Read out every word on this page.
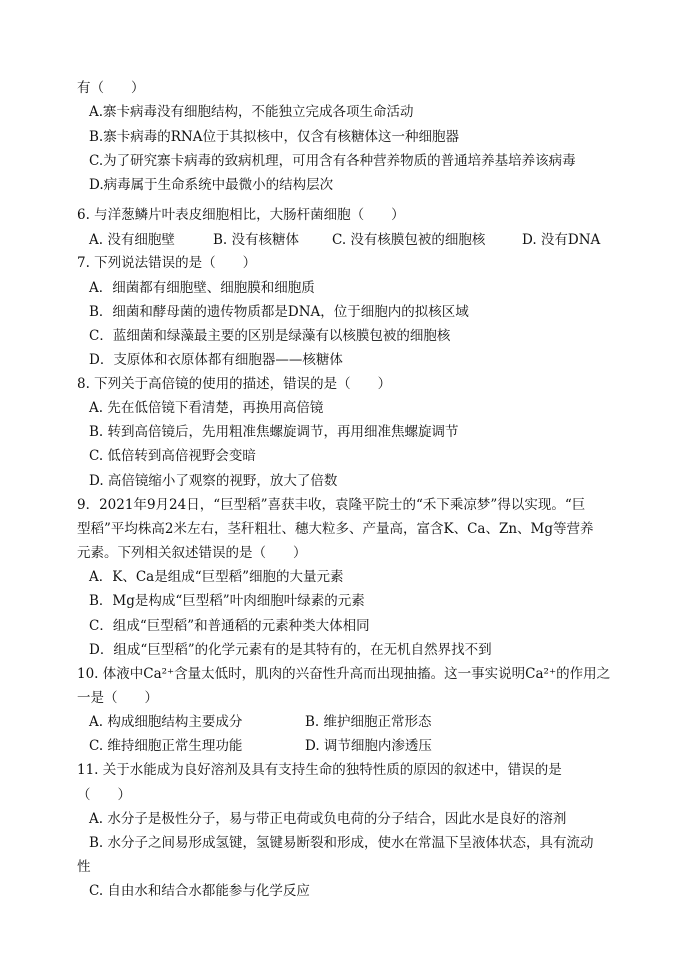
有（　　）
A.寨卡病毒没有细胞结构，不能独立完成各项生命活动
B.寨卡病毒的RNA位于其拟核中，仅含有核糖体这一种细胞器
C.为了研究寨卡病毒的致病机理，可用含有各种营养物质的普通培养基培养该病毒
D.病毒属于生命系统中最微小的结构层次
6. 与洋葱鳞片叶表皮细胞相比，大肠杆菌细胞（　　）
A. 没有细胞壁	B. 没有核糖体 C. 没有核膜包被的细胞核	D. 没有DNA
7. 下列说法错误的是（　　）
A．细菌都有细胞壁、细胞膜和细胞质
B．细菌和酵母菌的遗传物质都是DNA，位于细胞内的拟核区域
C．蓝细菌和绿藻最主要的区别是绿藻有以核膜包被的细胞核
D．支原体和衣原体都有细胞器——核糖体
8. 下列关于高倍镜的使用的描述，错误的是（　　）
A. 先在低倍镜下看清楚，再换用高倍镜
B. 转到高倍镜后，先用粗准焦螺旋调节，再用细准焦螺旋调节
C. 低倍转到高倍视野会变暗
D. 高倍镜缩小了观察的视野，放大了倍数
9．2021年9月24日，“巨型稻”喜获丰收，袁隆平院士的“禾下乘凉梦”得以实现。“巨
型稻”平均株高2米左右，茎秆粗壮、穗大粒多、产量高，富含K、Ca、Zn、Mg等营养
元素。下列相关叙述错误的是（　　）
A．K、Ca是组成“巨型稻”细胞的大量元素
B．Mg是构成“巨型稻”叶肉细胞叶绿素的元素
C．组成“巨型稻”和普通稻的元素种类大体相同
D．组成“巨型稻”的化学元素有的是其特有的，在无机自然界找不到
10. 体液中Ca²⁺含量太低时，肌肉的兴奋性升高而出现抽搐。这一事实说明Ca²⁺的作用之
一是（　　）
A. 构成细胞结构主要成分	B. 维护细胞正常形态
C. 维持细胞正常生理功能	D. 调节细胞内渗透压
11. 关于水能成为良好溶剂及具有支持生命的独特性质的原因的叙述中，错误的是
（　　）
A. 水分子是极性分子，易与带正电荷或负电荷的分子结合，因此水是良好的溶剂
B. 水分子之间易形成氢键，氢键易断裂和形成，使水在常温下呈液体状态，具有流动
性
C. 自由水和结合水都能参与化学反应
